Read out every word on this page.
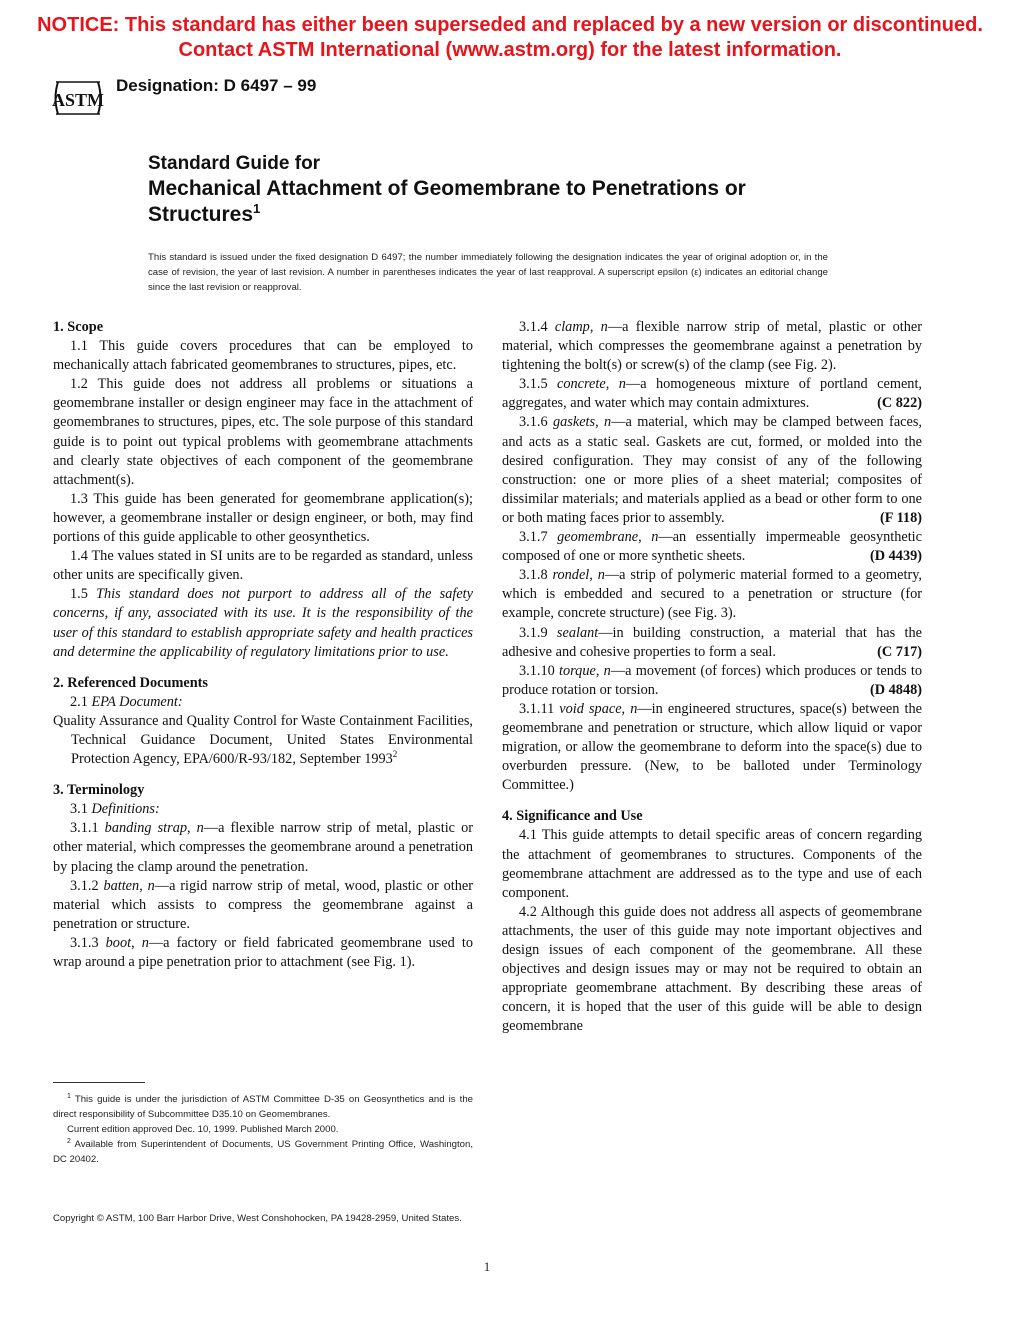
NOTICE: This standard has either been superseded and replaced by a new version or discontinued.
Contact ASTM International (www.astm.org) for the latest information.
ASTM
Designation: D 6497 – 99
Standard Guide for
Mechanical Attachment of Geomembrane to Penetrations or
Structures$^1$
This standard is issued under the fixed designation D 6497; the number immediately following the designation indicates the year of original adoption or, in the case of revision, the year of last revision. A number in parentheses indicates the year of last reapproval. A superscript epsilon (ε) indicates an editorial change since the last revision or reapproval.
1. Scope

1.1 This guide covers procedures that can be employed to mechanically attach fabricated geomembranes to structures, pipes, etc.

1.2 This guide does not address all problems or situations a geomembrane installer or design engineer may face in the attachment of geomembranes to structures, pipes, etc. The sole purpose of this standard guide is to point out typical problems with geomembrane attachments and clearly state objectives of each component of the geomembrane attachment(s).

1.3 This guide has been generated for geomembrane application(s); however, a geomembrane installer or design engineer, or both, may find portions of this guide applicable to other geosynthetics.

1.4 The values stated in SI units are to be regarded as standard, unless other units are specifically given.

1.5 This standard does not purport to address all of the safety concerns, if any, associated with its use. It is the responsibility of the user of this standard to establish appropriate safety and health practices and determine the applicability of regulatory limitations prior to use.

2. Referenced Documents

2.1 EPA Document:

Quality Assurance and Quality Control for Waste Containment Facilities, Technical Guidance Document, United States Environmental Protection Agency, EPA/600/R-93/182, September 1993$^2$

3. Terminology

3.1 Definitions:

3.1.1 banding strap, n—a flexible narrow strip of metal, plastic or other material, which compresses the geomembrane around a penetration by placing the clamp around the penetration.

3.1.2 batten, n—a rigid narrow strip of metal, wood, plastic or other material which assists to compress the geomembrane against a penetration or structure.

3.1.3 boot, n—a factory or field fabricated geomembrane used to wrap around a pipe penetration prior to attachment (see Fig. 1).

$^1$ This guide is under the jurisdiction of ASTM Committee D-35 on Geosynthetics and is the direct responsibility of Subcommittee D35.10 on Geomembranes.

Current edition approved Dec. 10, 1999. Published March 2000.

$^2$ Available from Superintendent of Documents, US Government Printing Office, Washington, DC 20402.

3.1.4 clamp, n—a flexible narrow strip of metal, plastic or other material, which compresses the geomembrane against a penetration by tightening the bolt(s) or screw(s) of the clamp (see Fig. 2).

3.1.5 concrete, n—a homogeneous mixture of portland cement, aggregates, and water which may contain admixtures.	(C 822)

3.1.6 gaskets, n—a material, which may be clamped between faces, and acts as a static seal. Gaskets are cut, formed, or molded into the desired configuration. They may consist of any of the following construction: one or more plies of a sheet material; composites of dissimilar materials; and materials applied as a bead or other form to one or both mating faces prior to assembly.	(F 118)

3.1.7 geomembrane, n—an essentially impermeable geosynthetic composed of one or more synthetic sheets.	(D 4439)

3.1.8 rondel, n—a strip of polymeric material formed to a geometry, which is embedded and secured to a penetration or structure (for example, concrete structure) (see Fig. 3).

3.1.9 sealant—in building construction, a material that has the adhesive and cohesive properties to form a seal.	(C 717)

3.1.10 torque, n—a movement (of forces) which produces or tends to produce rotation or torsion.	(D 4848)

3.1.11 void space, n—in engineered structures, space(s) between the geomembrane and penetration or structure, which allow liquid or vapor migration, or allow the geomembrane to deform into the space(s) due to overburden pressure. (New, to be balloted under Terminology Committee.)

4. Significance and Use

4.1 This guide attempts to detail specific areas of concern regarding the attachment of geomembranes to structures. Components of the geomembrane attachment are addressed as to the type and use of each component.

4.2 Although this guide does not address all aspects of geomembrane attachments, the user of this guide may note important objectives and design issues of each component of the geomembrane. All these objectives and design issues may or may not be required to obtain an appropriate geomembrane attachment. By describing these areas of concern, it is hoped that the user of this guide will be able to design geomembrane

Copyright © ASTM, 100 Barr Harbor Drive, West Conshohocken, PA 19428-2959, United States.
1
